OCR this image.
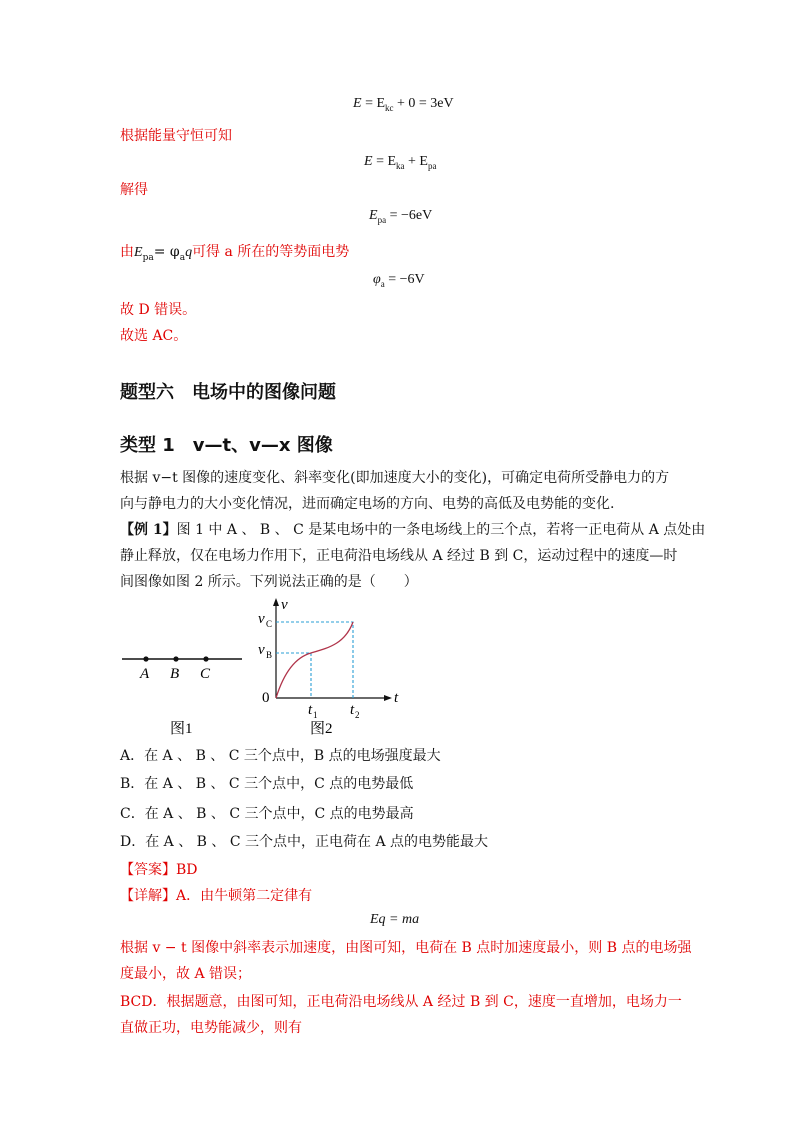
$E = E_{kc} + 0 = 3eV$
根据能量守恒可知
$E = E_{ka} + E_{pa}$
解得
$E_{pa} = -6eV$
由$E_{pa}= \varphi_aq$可得 a 所在的等势面电势
$\varphi_a = -6V$
故 D 错误。
故选 AC。
题型六　电场中的图像问题
类型 1　v—t、v—x 图像
根据 v−t 图像的速度变化、斜率变化(即加速度大小的变化)，可确定电荷所受静电力的方
向与静电力的大小变化情况，进而确定电场的方向、电势的高低及电势能的变化.
【例 1】图 1 中 A 、 B 、 C 是某电场中的一条电场线上的三个点，若将一正电荷从 A 点处由
静止释放，仅在电场力作用下，正电荷沿电场线从 A 经过 B 到 C，运动过程中的速度—时
间图像如图 2 所示。下列说法正确的是（　　）
A B C
图1
v
t
0
v C
v B
t 1 t 2
图2
A．在 A 、 B 、 C 三个点中，B 点的电场强度最大
B．在 A 、 B 、 C 三个点中，C 点的电势最低
C．在 A 、 B 、 C 三个点中，C 点的电势最高
D．在 A 、 B 、 C 三个点中，正电荷在 A 点的电势能最大
【答案】BD
【详解】A．由牛顿第二定律有
Eq = ma
根据 v − t 图像中斜率表示加速度，由图可知，电荷在 B 点时加速度最小，则 B 点的电场强
度最小，故 A 错误；
BCD．根据题意，由图可知，正电荷沿电场线从 A 经过 B 到 C，速度一直增加，电场力一
直做正功，电势能减少，则有
